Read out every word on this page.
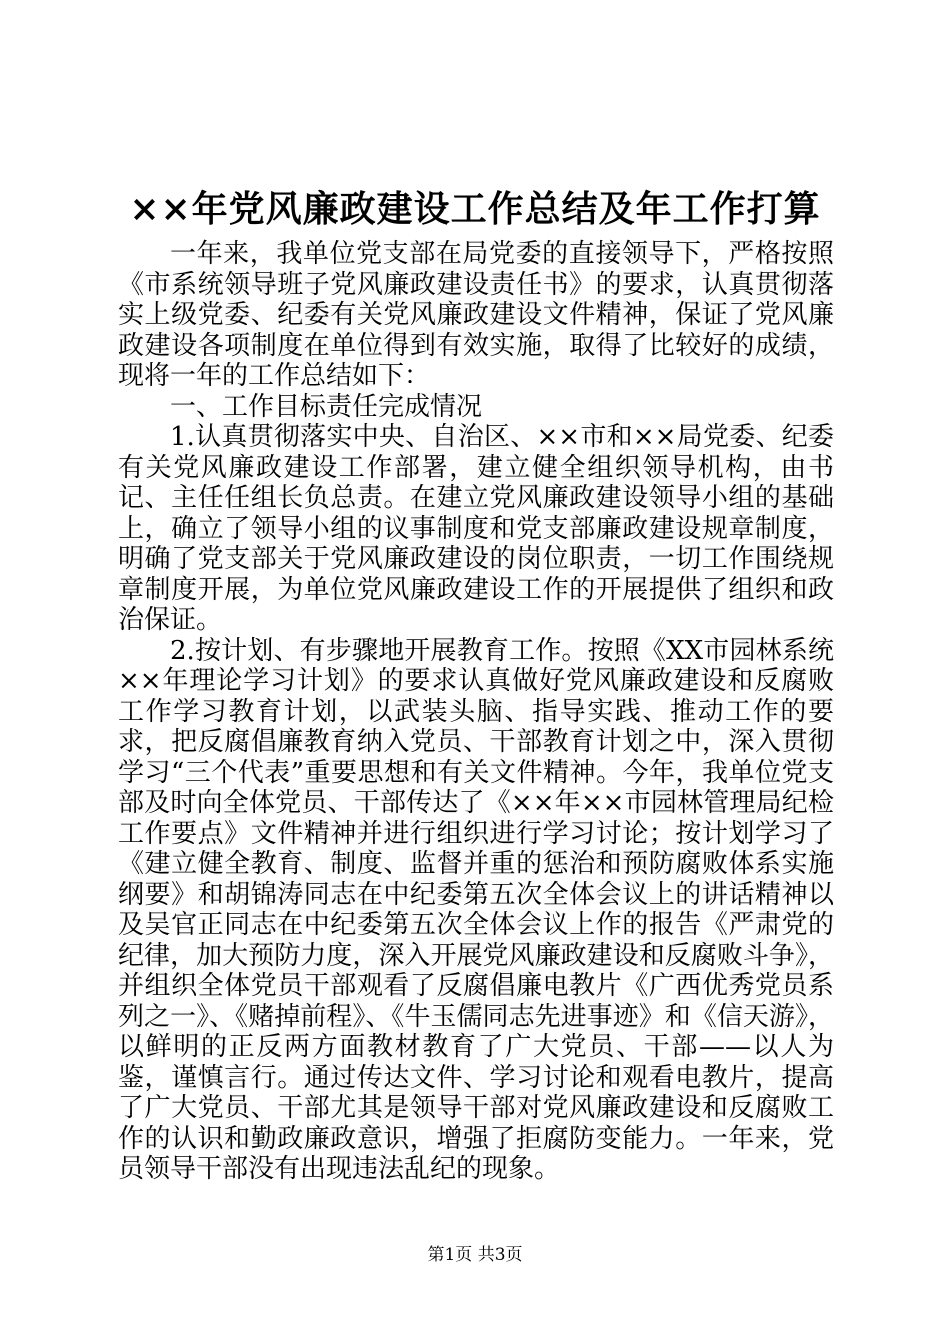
××年党风廉政建设工作总结及年工作打算

一年来，我单位党支部在局党委的直接领导下，严格按照《市系统领导班子党风廉政建设责任书》的要求，认真贯彻落实上级党委、纪委有关党风廉政建设文件精神，保证了党风廉政建设各项制度在单位得到有效实施，取得了比较好的成绩，现将一年的工作总结如下：

一、工作目标责任完成情况

1.认真贯彻落实中央、自治区、××市和××局党委、纪委有关党风廉政建设工作部署，建立健全组织领导机构，由书记、主任任组长负总责。在建立党风廉政建设领导小组的基础上，确立了领导小组的议事制度和党支部廉政建设规章制度，明确了党支部关于党风廉政建设的岗位职责，一切工作围绕规章制度开展，为单位党风廉政建设工作的开展提供了组织和政治保证。

2.按计划、有步骤地开展教育工作。按照《XX市园林系统××年理论学习计划》的要求认真做好党风廉政建设和反腐败工作学习教育计划，以武装头脑、指导实践、推动工作的要求，把反腐倡廉教育纳入党员、干部教育计划之中，深入贯彻学习“三个代表”重要思想和有关文件精神。今年，我单位党支部及时向全体党员、干部传达了《××年××市园林管理局纪检工作要点》文件精神并进行组织进行学习讨论；按计划学习了《建立健全教育、制度、监督并重的惩治和预防腐败体系实施纲要》和胡锦涛同志在中纪委第五次全体会议上的讲话精神以及吴官正同志在中纪委第五次全体会议上作的报告《严肃党的纪律，加大预防力度，深入开展党风廉政建设和反腐败斗争》，并组织全体党员干部观看了反腐倡廉电教片《广西优秀党员系列之一》、《赌掉前程》、《牛玉儒同志先进事迹》和《信天游》，以鲜明的正反两方面教材教育了广大党员、干部——以人为鉴，谨慎言行。通过传达文件、学习讨论和观看电教片，提高了广大党员、干部尤其是领导干部对党风廉政建设和反腐败工作的认识和勤政廉政意识，增强了拒腐防变能力。一年来，党员领导干部没有出现违法乱纪的现象。

第1页 共3页
